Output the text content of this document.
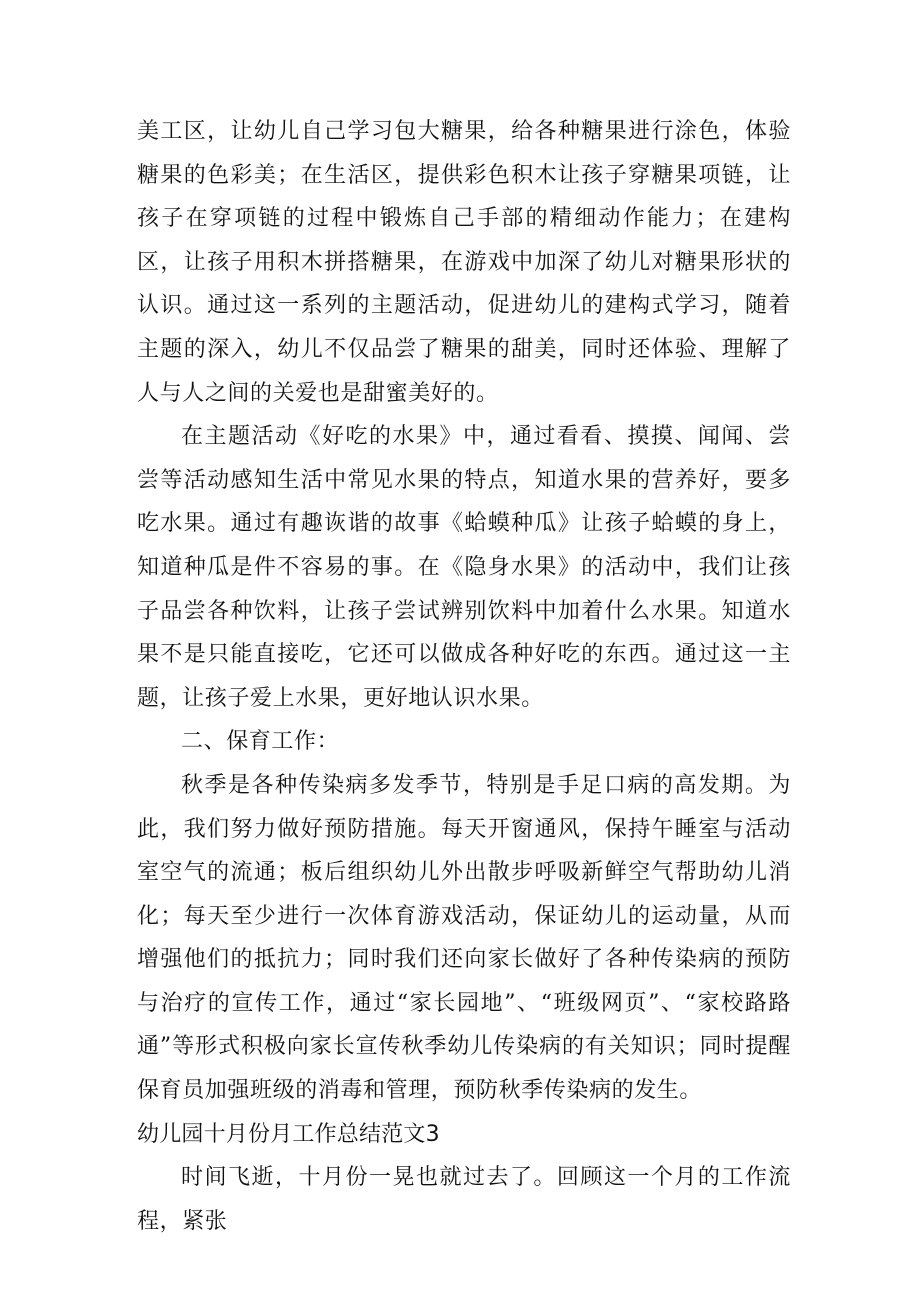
美工区，让幼儿自己学习包大糖果，给各种糖果进行涂色，体验糖果的色彩美；在生活区，提供彩色积木让孩子穿糖果项链，让孩子在穿项链的过程中锻炼自己手部的精细动作能力；在建构区，让孩子用积木拼搭糖果，在游戏中加深了幼儿对糖果形状的认识。通过这一系列的主题活动，促进幼儿的建构式学习，随着主题的深入，幼儿不仅品尝了糖果的甜美，同时还体验、理解了人与人之间的关爱也是甜蜜美好的。

在主题活动《好吃的水果》中，通过看看、摸摸、闻闻、尝尝等活动感知生活中常见水果的特点，知道水果的营养好，要多吃水果。通过有趣诙谐的故事《蛤蟆种瓜》让孩子蛤蟆的身上，知道种瓜是件不容易的事。在《隐身水果》的活动中，我们让孩子品尝各种饮料，让孩子尝试辨别饮料中加着什么水果。知道水果不是只能直接吃，它还可以做成各种好吃的东西。通过这一主题，让孩子爱上水果，更好地认识水果。

二、保育工作：

秋季是各种传染病多发季节，特别是手足口病的高发期。为此，我们努力做好预防措施。每天开窗通风，保持午睡室与活动室空气的流通；板后组织幼儿外出散步呼吸新鲜空气帮助幼儿消化；每天至少进行一次体育游戏活动，保证幼儿的运动量，从而增强他们的抵抗力；同时我们还向家长做好了各种传染病的预防与治疗的宣传工作，通过“家长园地”、“班级网页”、“家校路路通”等形式积极向家长宣传秋季幼儿传染病的有关知识；同时提醒保育员加强班级的消毒和管理，预防秋季传染病的发生。

幼儿园十月份月工作总结范文3

时间飞逝，十月份一晃也就过去了。回顾这一个月的工作流程，紧张
